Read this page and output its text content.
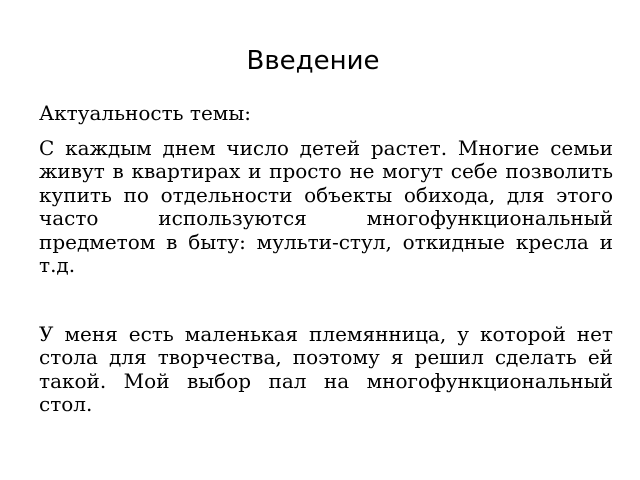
Введение

Актуальность темы:

С каждым днем число детей растет. Многие семьи живут в квартирах и просто не могут себе позволить купить по отдельности объекты обихода, для этого часто используются многофункциональный предметом в быту: мульти-стул, откидные кресла и т.д.

У меня есть маленькая племянница, у которой нет стола для творчества, поэтому я решил сделать ей такой. Мой выбор пал на многофункциональный стол.
